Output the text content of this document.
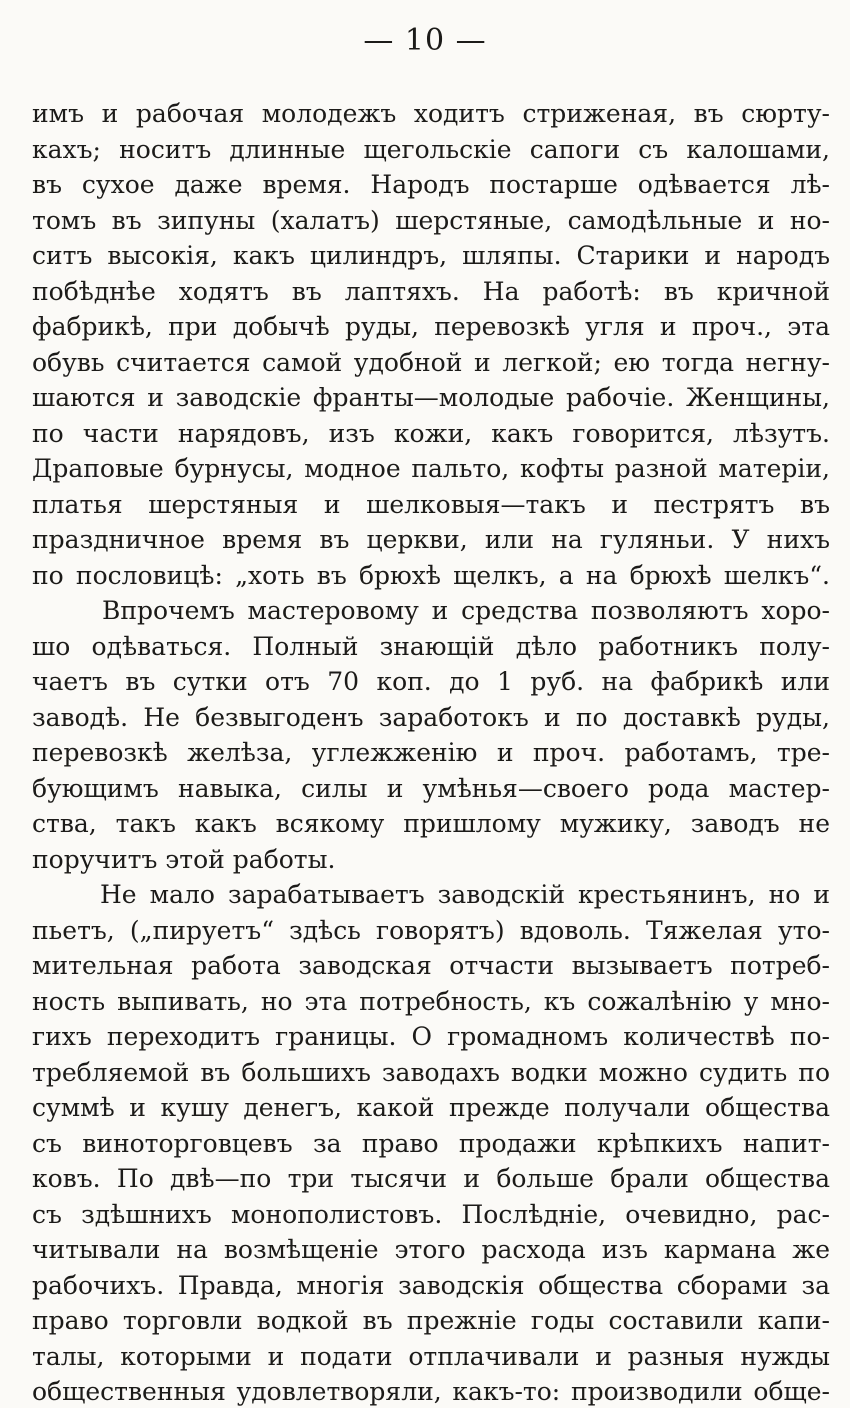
— 10 —
имъ и рабочая молодежъ ходитъ стриженая, въ сюрту-
кахъ; носитъ длинные щегольскіе сапоги съ калошами,
въ сухое даже время. Народъ постарше одѣвается лѣ-
томъ въ зипуны (халатъ) шерстяные, самодѣльные и но-
ситъ высокія, какъ цилиндръ, шляпы. Старики и народъ
побѣднѣе ходятъ въ лаптяхъ. На работѣ: въ кричной
фабрикѣ, при добычѣ руды, перевозкѣ угля и проч., эта
обувь считается самой удобной и легкой; ею тогда негну-
шаются и заводскіе франты—молодые рабочіе. Женщины,
по части нарядовъ, изъ кожи, какъ говорится, лѣзутъ.
Драповые бурнусы, модное пальто, кофты разной матеріи,
платья шерстяныя и шелковыя—такъ и пестрятъ въ
праздничное время въ церкви, или на гуляньи. У нихъ
по пословицѣ: „хоть въ брюхѣ щелкъ, а на брюхѣ шелкъ“.
Впрочемъ мастеровому и средства позволяютъ хоро-
шо одѣваться. Полный знающій дѣло работникъ полу-
чаетъ въ сутки отъ 70 коп. до 1 руб. на фабрикѣ или
заводѣ. Не безвыгоденъ заработокъ и по доставкѣ руды,
перевозкѣ желѣза, углежженію и проч. работамъ, тре-
бующимъ навыка, силы и умѣнья—своего рода мастер-
ства, такъ какъ всякому пришлому мужику, заводъ не
поручитъ этой работы.
Не мало зарабатываетъ заводскій крестьянинъ, но и
пьетъ, („пируетъ“ здѣсь говорятъ) вдоволь. Тяжелая уто-
мительная работа заводская отчасти вызываетъ потреб-
ность выпивать, но эта потребность, къ сожалѣнію у мно-
гихъ переходитъ границы. О громадномъ количествѣ по-
требляемой въ большихъ заводахъ водки можно судить по
суммѣ и кушу денегъ, какой прежде получали общества
съ виноторговцевъ за право продажи крѣпкихъ напит-
ковъ. По двѣ—по три тысячи и больше брали общества
съ здѣшнихъ монополистовъ. Послѣдніе, очевидно, рас-
читывали на возмѣщеніе этого расхода изъ кармана же
рабочихъ. Правда, многія заводскія общества сборами за
право торговли водкой въ прежніе годы составили капи-
талы, которыми и подати отплачивали и разныя нужды
общественныя удовлетворяли, какъ-то: производили обще-
